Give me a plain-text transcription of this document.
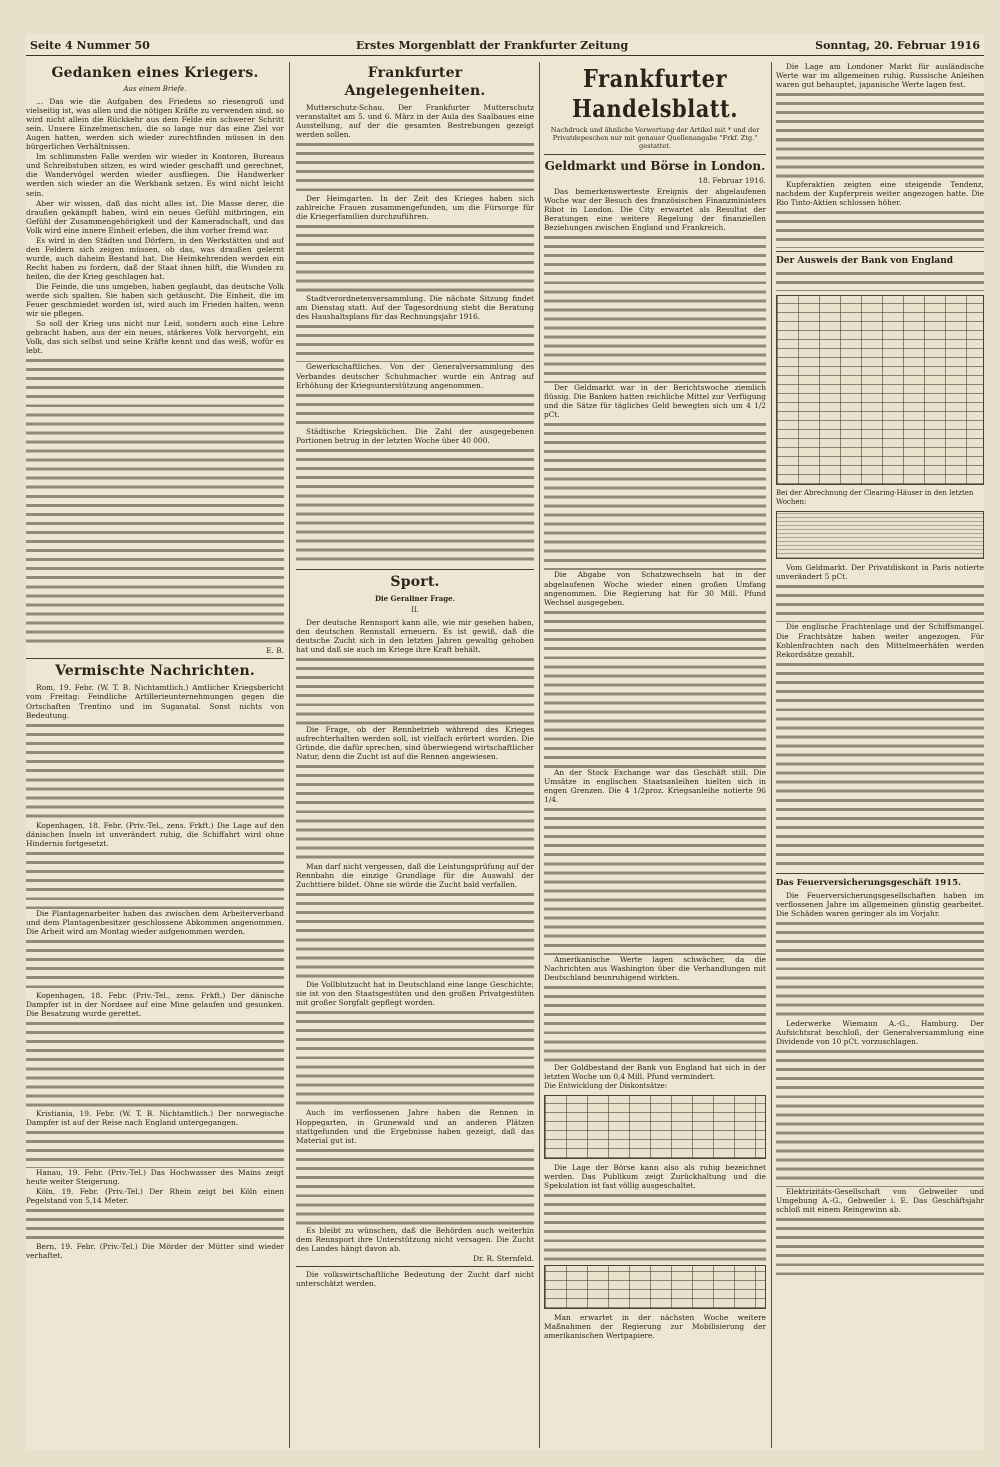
Seite 4 Nummer 50	Erstes Morgenblatt der Frankfurter Zeitung	Sonntag, 20. Februar 1916
Gedanken eines Kriegers.
Aus einem Briefe.
... Das wie die Aufgaben des Friedens so riesengroß und vielseitig ist, was allen und die nötigen Kräfte zu verwenden sind, so wird nicht allein die Rückkehr aus dem Felde ein schwerer Schritt sein. Unsere Einzelmenschen, die so lange nur das eine Ziel vor Augen hatten, werden sich wieder zurechtfinden müssen in den bürgerlichen Verhältnissen.
Im schlimmsten Falle werden wir wieder in Kontoren, Bureaus und Schreibstuben sitzen, es wird wieder geschafft und gerechnet, die Wandervögel werden wieder ausfliegen. Die Handwerker werden sich wieder an die Werkbank setzen. Es wird nicht leicht sein.
Aber wir wissen, daß das nicht alles ist. Die Masse derer, die draußen gekämpft haben, wird ein neues Gefühl mitbringen, ein Gefühl der Zusammengehörigkeit und der Kameradschaft, und das Volk wird eine innere Einheit erleben, die ihm vorher fremd war.
Es wird in den Städten und Dörfern, in den Werkstätten und auf den Feldern sich zeigen müssen, ob das, was draußen gelernt wurde, auch daheim Bestand hat. Die Heimkehrenden werden ein Recht haben zu fordern, daß der Staat ihnen hilft, die Wunden zu heilen, die der Krieg geschlagen hat.
Die Feinde, die uns umgeben, haben geglaubt, das deutsche Volk werde sich spalten. Sie haben sich getäuscht. Die Einheit, die im Feuer geschmiedet worden ist, wird auch im Frieden halten, wenn wir sie pflegen.
So soll der Krieg uns nicht nur Leid, sondern auch eine Lehre gebracht haben, aus der ein neues, stärkeres Volk hervorgeht, ein Volk, das sich selbst und seine Kräfte kennt und das weiß, wofür es lebt.
E. B.
Vermischte Nachrichten.
Rom, 19. Febr. (W. T. B. Nichtamtlich.) Amtlicher Kriegsbericht vom Freitag: Feindliche Artillerieunternehmungen gegen die Ortschaften Trentino und im Suganatal. Sonst nichts von Bedeutung.
Kopenhagen, 18. Febr. (Priv.-Tel., zens. Frkft.) Die Lage auf den dänischen Inseln ist unverändert ruhig, die Schiffahrt wird ohne Hindernis fortgesetzt.
Die Plantagenarbeiter haben das zwischen dem Arbeiterverband und dem Plantagenbesitzer geschlossene Abkommen angenommen. Die Arbeit wird am Montag wieder aufgenommen werden.
Kopenhagen, 18. Febr. (Priv.-Tel., zens. Frkft.) Der dänische Dampfer ist in der Nordsee auf eine Mine gelaufen und gesunken. Die Besatzung wurde gerettet.
Kristiania, 19. Febr. (W. T. B. Nichtamtlich.) Der norwegische Dampfer ist auf der Reise nach England untergegangen.
Hanau, 19. Febr. (Priv.-Tel.) Das Hochwasser des Mains zeigt heute weiter Steigerung.
Köln, 19. Febr. (Priv.-Tel.) Der Rhein zeigt bei Köln einen Pegelstand von 5,14 Meter.
Bern, 19. Febr. (Priv.-Tel.) Die Mörder der Mütter sind wieder verhaftet.
Frankfurter Angelegenheiten.
Mutterschutz-Schau. Der Frankfurter Mutterschutz veranstaltet am 5. und 6. März in der Aula des Saalbaues eine Ausstellung, auf der die gesamten Bestrebungen gezeigt werden sollen.
Der Heimgarten. In der Zeit des Krieges haben sich zahlreiche Frauen zusammengefunden, um die Fürsorge für die Kriegerfamilien durchzuführen.
Stadtverordnetenversammlung. Die nächste Sitzung findet am Dienstag statt. Auf der Tagesordnung steht die Beratung des Haushaltsplans für das Rechnungsjahr 1916.
Gewerkschaftliches. Von der Generalversammlung des Verbandes deutscher Schuhmacher wurde ein Antrag auf Erhöhung der Kriegsunterstützung angenommen.
Städtische Kriegsküchen. Die Zahl der ausgegebenen Portionen betrug in der letzten Woche über 40 000.
Sport.
Die Geraliner Frage.
II.
Der deutsche Rennsport kann alle, wie mir gesehen haben, den deutschen Rennstall erneuern. Es ist gewiß, daß die deutsche Zucht sich in den letzten Jahren gewaltig gehoben hat und daß sie auch im Kriege ihre Kraft behält.
Die Frage, ob der Rennbetrieb während des Krieges aufrechterhalten werden soll, ist vielfach erörtert worden. Die Gründe, die dafür sprechen, sind überwiegend wirtschaftlicher Natur, denn die Zucht ist auf die Rennen angewiesen.
Man darf nicht vergessen, daß die Leistungsprüfung auf der Rennbahn die einzige Grundlage für die Auswahl der Zuchttiere bildet. Ohne sie würde die Zucht bald verfallen.
Die Vollblutzucht hat in Deutschland eine lange Geschichte; sie ist von den Staatsgestüten und den großen Privatgestüten mit großer Sorgfalt gepflegt worden.
Auch im verflossenen Jahre haben die Rennen in Hoppegarten, in Grunewald und an anderen Plätzen stattgefunden und die Ergebnisse haben gezeigt, daß das Material gut ist.
Es bleibt zu wünschen, daß die Behörden auch weiterhin dem Rennsport ihre Unterstützung nicht versagen. Die Zucht des Landes hängt davon ab.
Dr. R. Sternfeld.
Die volkswirtschaftliche Bedeutung der Zucht darf nicht unterschätzt werden.
Frankfurter Handelsblatt.
Nachdruck und ähnliche Verwertung der Artikel mit * und der Privatdepeschen nur mit genauer Quellenangabe "Frkf. Ztg." gestattet.
Geldmarkt und Börse in London.
18. Februar 1916.
Das bemerkenswerteste Ereignis der abgelaufenen Woche war der Besuch des französischen Finanzministers Ribot in London. Die City erwartet als Resultat der Beratungen eine weitere Regelung der finanziellen Beziehungen zwischen England und Frankreich.
Der Geldmarkt war in der Berichtswoche ziemlich flüssig. Die Banken hatten reichliche Mittel zur Verfügung und die Sätze für tägliches Geld bewegten sich um 4 1/2 pCt.
Die Abgabe von Schatzwechseln hat in der abgelaufenen Woche wieder einen großen Umfang angenommen. Die Regierung hat für 30 Mill. Pfund Wechsel ausgegeben.
An der Stock Exchange war das Geschäft still. Die Umsätze in englischen Staatsanleihen hielten sich in engen Grenzen. Die 4 1/2proz. Kriegsanleihe notierte 96 1/4.
Amerikanische Werte lagen schwächer, da die Nachrichten aus Washington über die Verhandlungen mit Deutschland beunruhigend wirkten.
Der Goldbestand der Bank von England hat sich in der letzten Woche um 0,4 Mill. Pfund vermindert.
Die Entwicklung der Diskontsätze:
Die Lage der Börse kann also als ruhig bezeichnet werden. Das Publikum zeigt Zurückhaltung und die Spekulation ist fast völlig ausgeschaltet.
Man erwartet in der nächsten Woche weitere Maßnahmen der Regierung zur Mobilisierung der amerikanischen Wertpapiere.
Die Lage am Londoner Markt für ausländische Werte war im allgemeinen ruhig. Russische Anleihen waren gut behauptet, japanische Werte lagen fest.
Kupferaktien zeigten eine steigende Tendenz, nachdem der Kupferpreis weiter angezogen hatte. Die Rio Tinto-Aktien schlossen höher.
Der Ausweis der Bank von England
Bei der Abrechnung der Clearing-Häuser in den letzten Wochen:
Vom Geldmarkt. Der Privatdiskont in Paris notierte unverändert 5 pCt.
Die englische Frachtenlage und der Schiffsmangel. Die Frachtsätze haben weiter angezogen. Für Kohlenfrachten nach den Mittelmeerhäfen werden Rekordsätze gezahlt.
Das Feuerversicherungsgeschäft 1915.
Die Feuerversicherungsgesellschaften haben im verflossenen Jahre im allgemeinen günstig gearbeitet. Die Schäden waren geringer als im Vorjahr.
Lederwerke Wiemann A.-G., Hamburg. Der Aufsichtsrat beschloß, der Generalversammlung eine Dividende von 10 pCt. vorzuschlagen.
Elektrizitäts-Gesellschaft von Gebweiler und Umgebung A.-G., Gebweiler i. E. Das Geschäftsjahr schloß mit einem Reingewinn ab.
